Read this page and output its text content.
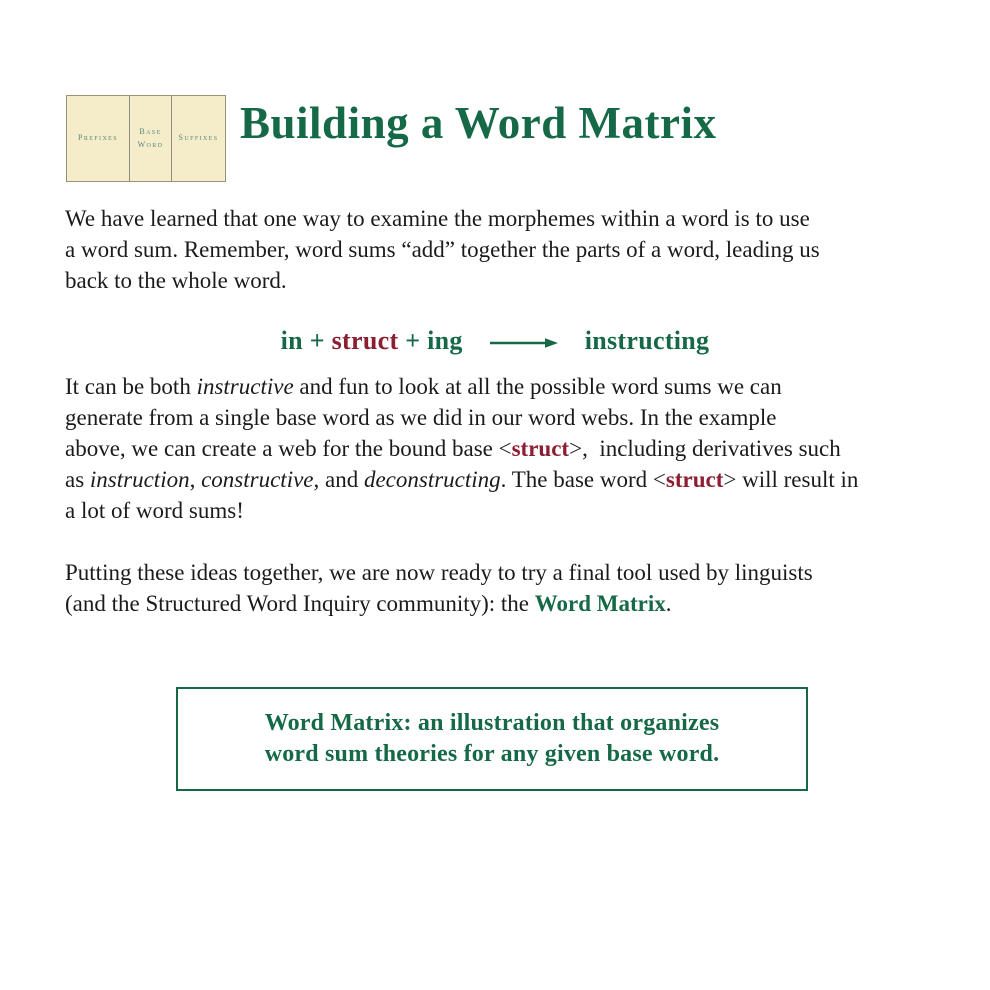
Prefixes
Base Word
Suffixes Building a Word Matrix

We have learned that one way to examine the morphemes within a word is to use
a word sum. Remember, word sums “add” together the parts of a word, leading us
back to the whole word.

in + struct + ing	instructing

It can be both instructive and fun to look at all the possible word sums we can
generate from a single base word as we did in our word webs. In the example
above, we can create a web for the bound base <struct>,  including derivatives such
as instruction, constructive, and deconstructing. The base word <struct> will result in
a lot of word sums!

Putting these ideas together, we are now ready to try a final tool used by linguists
(and the Structured Word Inquiry community): the Word Matrix.

Word Matrix: an illustration that organizes
word sum theories for any given base word.
